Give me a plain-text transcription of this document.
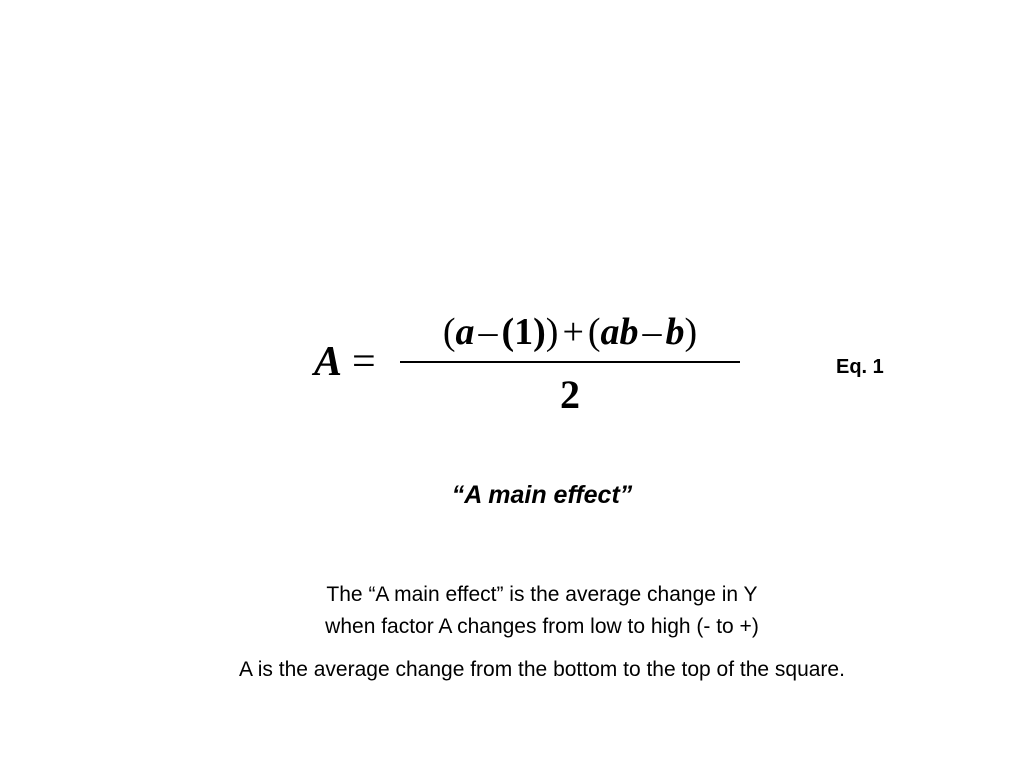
A =
(a – (1)) + (ab – b)
2
Eq. 1
“A main effect”
The “A main effect” is the average change in Y
when factor A changes from low to high (- to +)
A is the average change from the bottom to the top of the square.
